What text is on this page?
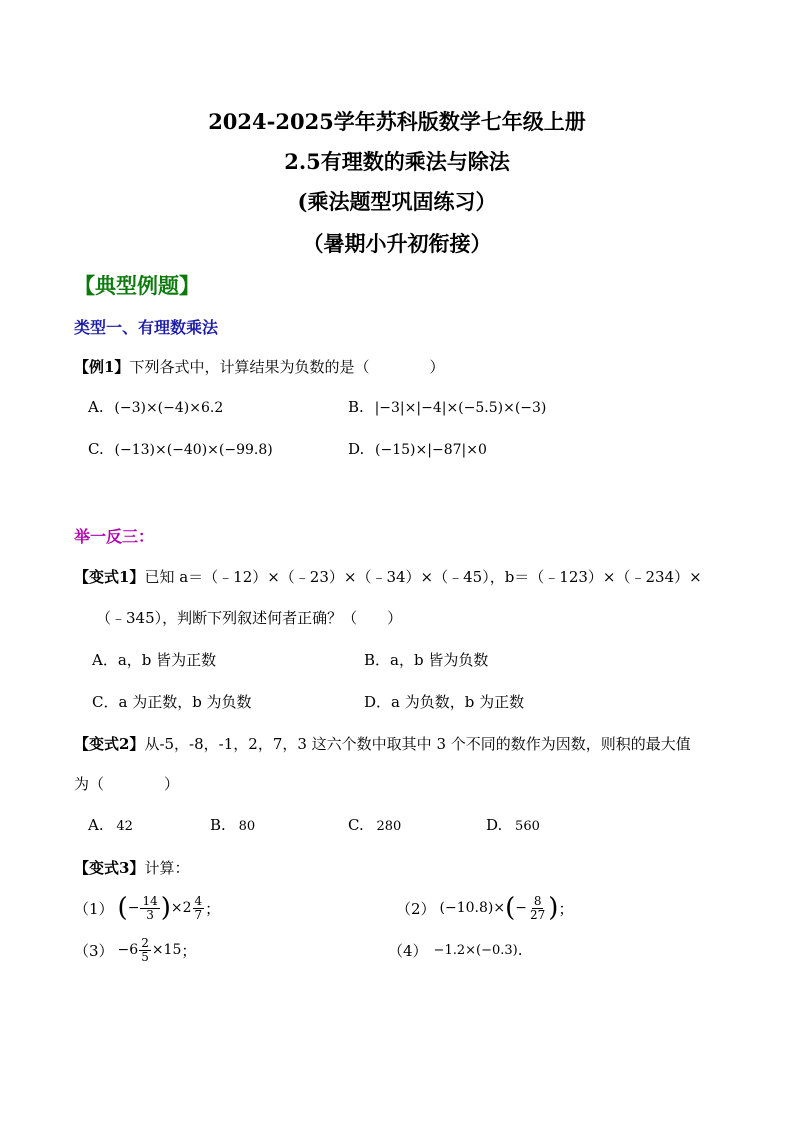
2024-2025学年苏科版数学七年级上册
2.5有理数的乘法与除法
(乘法题型巩固练习）
（暑期小升初衔接）
【典型例题】
类型一、有理数乘法
【例1】下列各式中，计算结果为负数的是（　　　　）
A. (−3)×(−4)×6.2	B. |−3|×|−4|×(−5.5)×(−3)
C. (−13)×(−40)×(−99.8)	D. (−15)×|−87|×0
举一反三：
【变式1】已知 a＝（﹣12）×（﹣23）×（﹣34）×（﹣45），b＝（﹣123）×（﹣234）×
（﹣345），判断下列叙述何者正确？（　　）
A．a，b 皆为正数	B．a，b 皆为负数
C．a 为正数，b 为负数	D．a 为负数，b 为正数
【变式2】从-5，-8，-1，2，7，3 这六个数中取其中 3 个不同的数作为因数，则积的最大值
为（　　　　）
A. 42	B. 80	C. 280	D. 560
【变式3】计算：
（1） ( − $\frac{14}{3}$ ) × $2 \frac{4}{7}$ ；	（2） (−10.8)× ( − $\frac{8}{27}$ ) ；
$(3) -6 \frac{2}{5} \times 15$ ；	（4） −1.2×(−0.3) .
